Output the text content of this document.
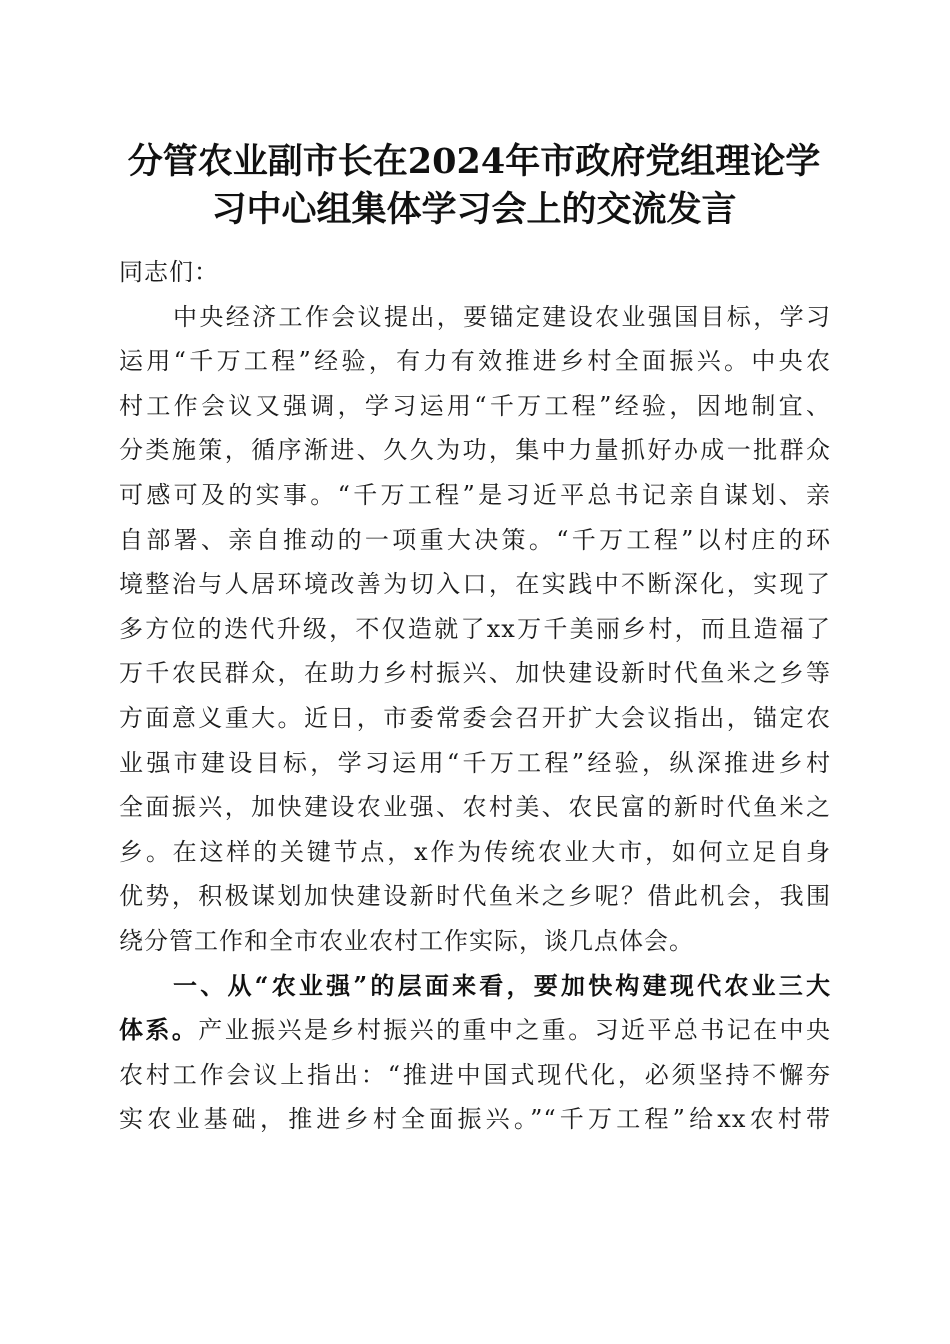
分管农业副市长在2024年市政府党组理论学
习中心组集体学习会上的交流发言
同志们：
中央经济工作会议提出，要锚定建设农业强国目标，学习
运用“千万工程”经验，有力有效推进乡村全面振兴。中央农
村工作会议又强调，学习运用“千万工程”经验，因地制宜、
分类施策，循序渐进、久久为功，集中力量抓好办成一批群众
可感可及的实事。“千万工程”是习近平总书记亲自谋划、亲
自部署、亲自推动的一项重大决策。“千万工程”以村庄的环
境整治与人居环境改善为切入口，在实践中不断深化，实现了
多方位的迭代升级，不仅造就了xx万千美丽乡村，而且造福了
万千农民群众，在助力乡村振兴、加快建设新时代鱼米之乡等
方面意义重大。近日，市委常委会召开扩大会议指出，锚定农
业强市建设目标，学习运用“千万工程”经验，纵深推进乡村
全面振兴，加快建设农业强、农村美、农民富的新时代鱼米之
乡。在这样的关键节点，x作为传统农业大市，如何立足自身
优势，积极谋划加快建设新时代鱼米之乡呢？借此机会，我围
绕分管工作和全市农业农村工作实际，谈几点体会。
一、从“农业强”的层面来看，要加快构建现代农业三大
体系。产业振兴是乡村振兴的重中之重。习近平总书记在中央
农村工作会议上指出：“推进中国式现代化，必须坚持不懈夯
实农业基础，推进乡村全面振兴。”“千万工程”给xx农村带
